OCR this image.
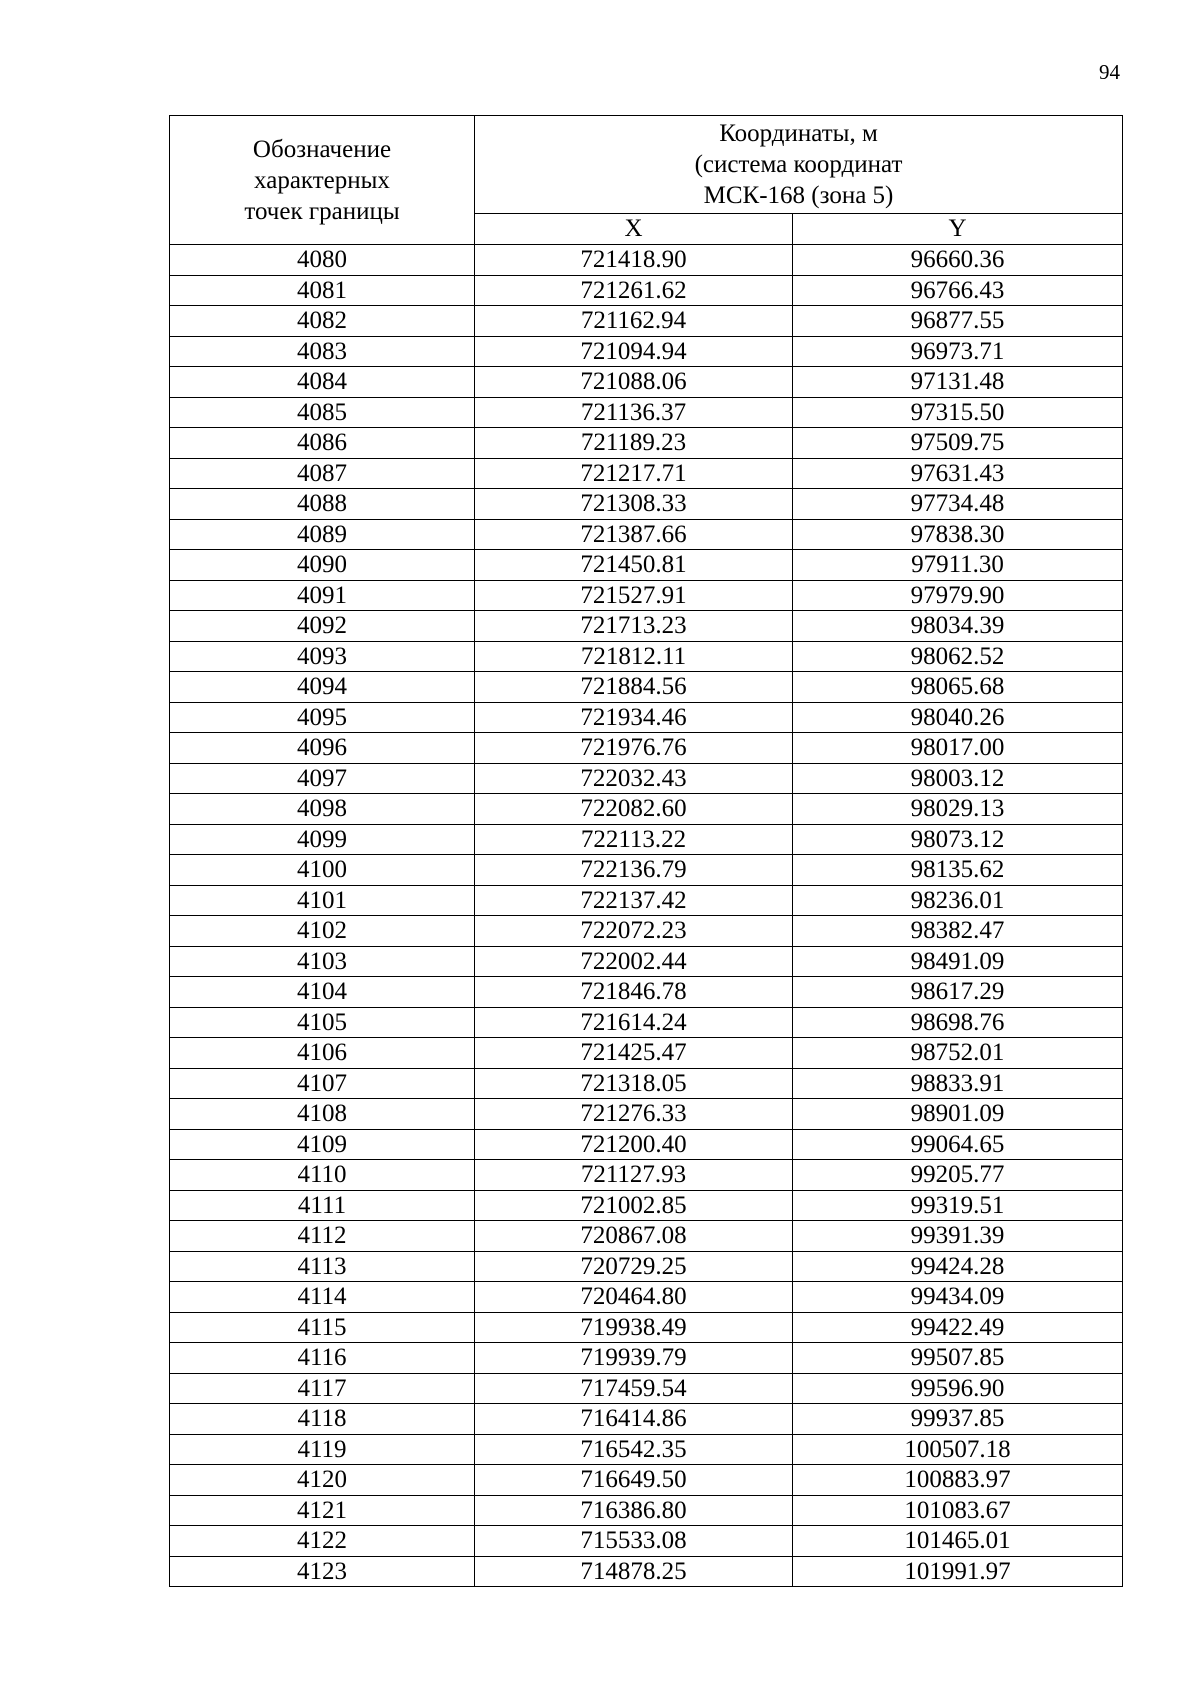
94
Обозначение
характерных
точек границы	Координаты, м
(система координат
МСК-168 (зона 5)	

	X	Y
4080	721418.90	96660.36
4081	721261.62	96766.43
4082	721162.94	96877.55
4083	721094.94	96973.71
4084	721088.06	97131.48
4085	721136.37	97315.50
4086	721189.23	97509.75
4087	721217.71	97631.43
4088	721308.33	97734.48
4089	721387.66	97838.30
4090	721450.81	97911.30
4091	721527.91	97979.90
4092	721713.23	98034.39
4093	721812.11	98062.52
4094	721884.56	98065.68
4095	721934.46	98040.26
4096	721976.76	98017.00
4097	722032.43	98003.12
4098	722082.60	98029.13
4099	722113.22	98073.12
4100	722136.79	98135.62
4101	722137.42	98236.01
4102	722072.23	98382.47
4103	722002.44	98491.09
4104	721846.78	98617.29
4105	721614.24	98698.76
4106	721425.47	98752.01
4107	721318.05	98833.91
4108	721276.33	98901.09
4109	721200.40	99064.65
4110	721127.93	99205.77
4111	721002.85	99319.51
4112	720867.08	99391.39
4113	720729.25	99424.28
4114	720464.80	99434.09
4115	719938.49	99422.49
4116	719939.79	99507.85
4117	717459.54	99596.90
4118	716414.86	99937.85
4119	716542.35	100507.18
4120	716649.50	100883.97
4121	716386.80	101083.67
4122	715533.08	101465.01
4123	714878.25	101991.97
